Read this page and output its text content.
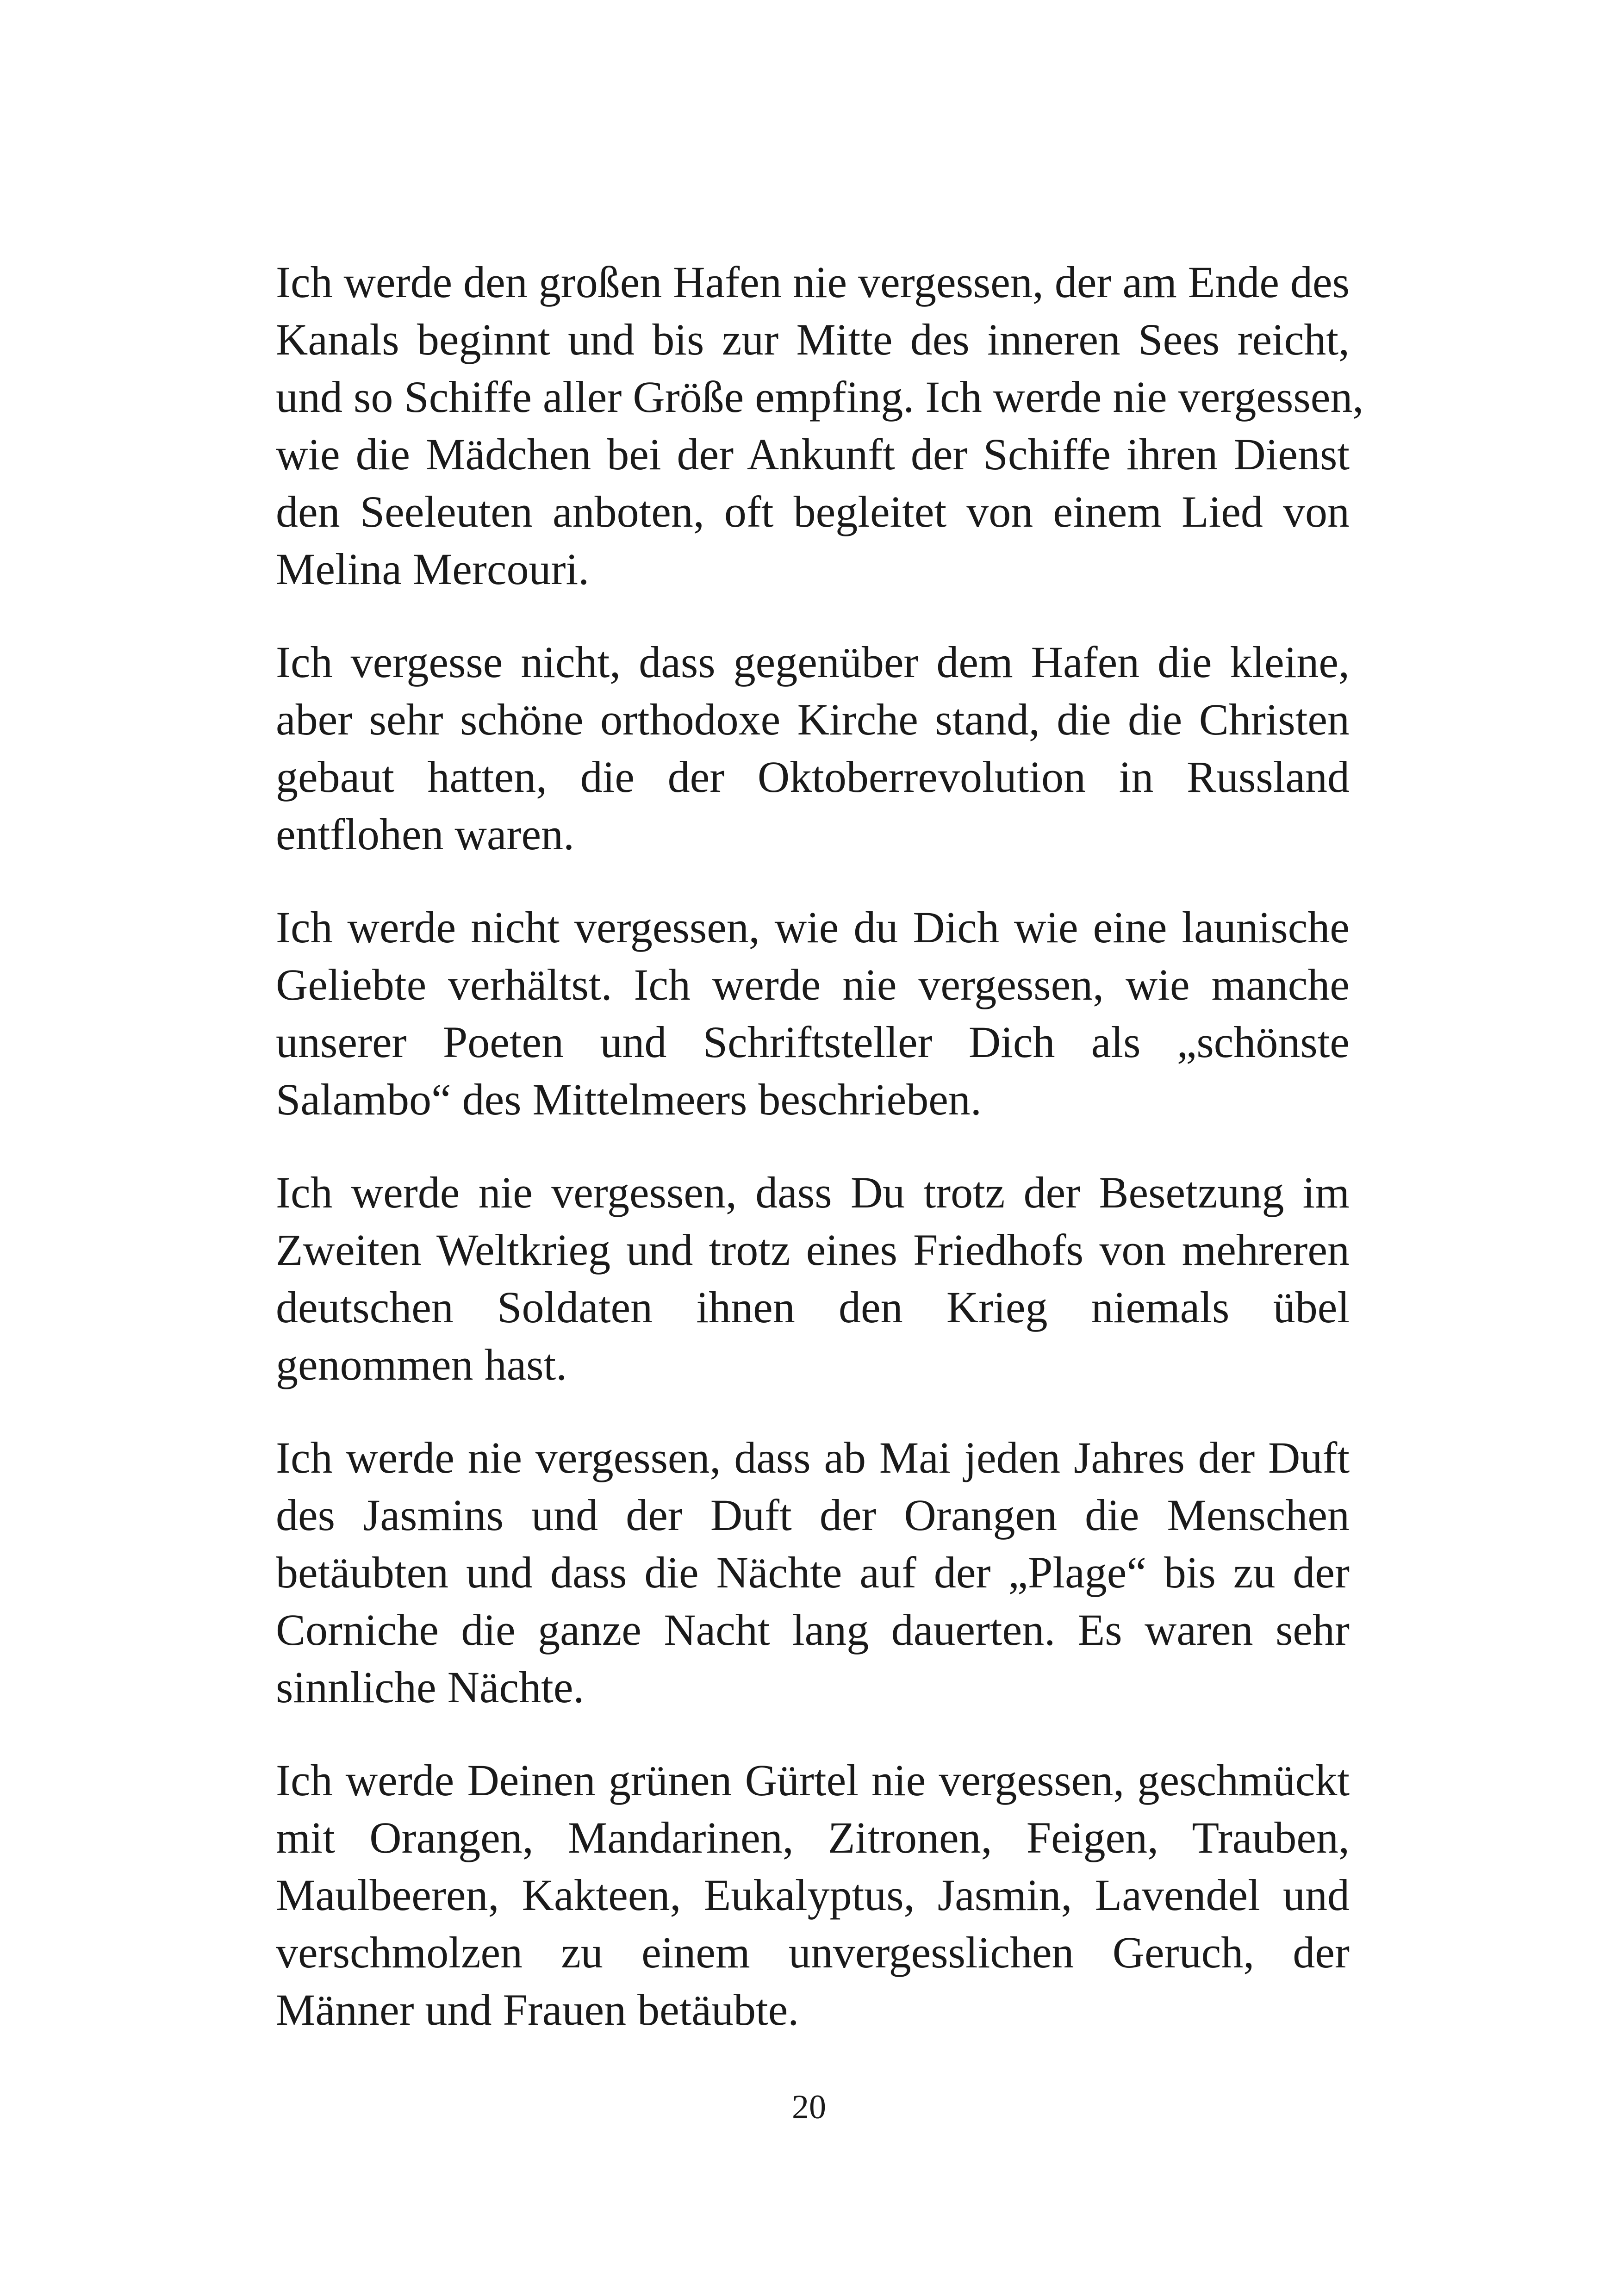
Ich werde den großen Hafen nie vergessen, der am Ende des
Kanals beginnt und bis zur Mitte des inneren Sees reicht,
und so Schiffe aller Größe empfing. Ich werde nie vergessen,
wie die Mädchen bei der Ankunft der Schiffe ihren Dienst
den Seeleuten anboten, oft begleitet von einem Lied von
Melina Mercouri.
Ich vergesse nicht, dass gegenüber dem Hafen die kleine,
aber sehr schöne orthodoxe Kirche stand, die die Christen
gebaut hatten, die der Oktoberrevolution in Russland
entflohen waren.
Ich werde nicht vergessen, wie du Dich wie eine launische
Geliebte verhältst. Ich werde nie vergessen, wie manche
unserer Poeten und Schriftsteller Dich als „schönste
Salambo“ des Mittelmeers beschrieben.
Ich werde nie vergessen, dass Du trotz der Besetzung im
Zweiten Weltkrieg und trotz eines Friedhofs von mehreren
deutschen Soldaten ihnen den Krieg niemals übel
genommen hast.
Ich werde nie vergessen, dass ab Mai jeden Jahres der Duft
des Jasmins und der Duft der Orangen die Menschen
betäubten und dass die Nächte auf der „Plage“ bis zu der
Corniche die ganze Nacht lang dauerten. Es waren sehr
sinnliche Nächte.
Ich werde Deinen grünen Gürtel nie vergessen, geschmückt
mit Orangen, Mandarinen, Zitronen, Feigen, Trauben,
Maulbeeren, Kakteen, Eukalyptus, Jasmin, Lavendel und
verschmolzen zu einem unvergesslichen Geruch, der
Männer und Frauen betäubte.
20
